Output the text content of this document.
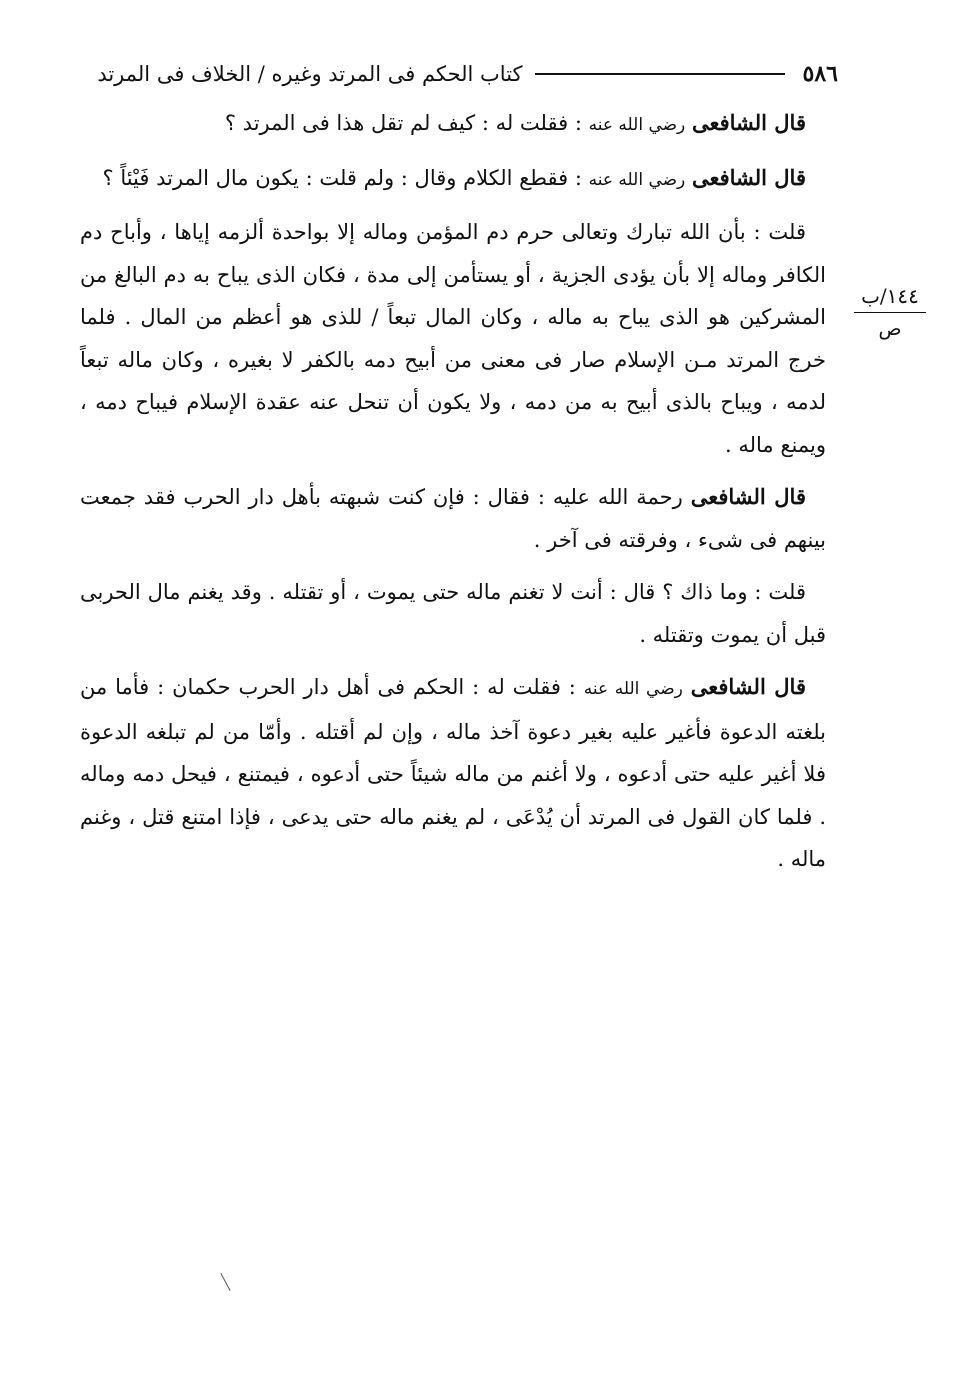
٥٨٦
كتاب الحكم فى المرتد وغيره / الخلاف فى المرتد
١٤٤/ب
ص

قال الشافعى رضي الله عنه : فقلت له : كيف لم تقل هذا فى المرتد ؟

قال الشافعى رضي الله عنه : فقطع الكلام وقال : ولم قلت : يكون مال المرتد فَيْئاً ؟

قلت : بأن الله تبارك وتعالى حرم دم المؤمن وماله إلا بواحدة ألزمه إياها ، وأباح دم الكافر وماله إلا بأن يؤدى الجزية ، أو يستأمن إلى مدة ، فكان الذى يباح به دم البالغ من المشركين هو الذى يباح به ماله ، وكان المال تبعاً / للذى هو أعظم من المال . فلما خرج المرتد مـن الإسلام صار فى معنى من أبيح دمه بالكفر لا بغيره ، وكان ماله تبعاً لدمه ، ويباح بالذى أبيح به من دمه ، ولا يكون أن تنحل عنه عقدة الإسلام فيباح دمه ، ويمنع ماله .

قال الشافعى رحمة الله عليه : فقال : فإن كنت شبهته بأهل دار الحرب فقد جمعت بينهم فى شىء ، وفرقته فى آخر .

قلت : وما ذاك ؟ قال : أنت لا تغنم ماله حتى يموت ، أو تقتله . وقد يغنم مال الحربى قبل أن يموت وتقتله .

قال الشافعى رضي الله عنه : فقلت له : الحكم فى أهل دار الحرب حكمان : فأما من بلغته الدعوة فأغير عليه بغير دعوة آخذ ماله ، وإن لم أقتله . وأمّا من لم تبلغه الدعوة فلا أغير عليه حتى أدعوه ، ولا أغنم من ماله شيئاً حتى أدعوه ، فيمتنع ، فيحل دمه وماله . فلما كان القول فى المرتد أن يُدْعَى ، لم يغنم ماله حتى يدعى ، فإذا امتنع قتل ، وغنم ماله .
